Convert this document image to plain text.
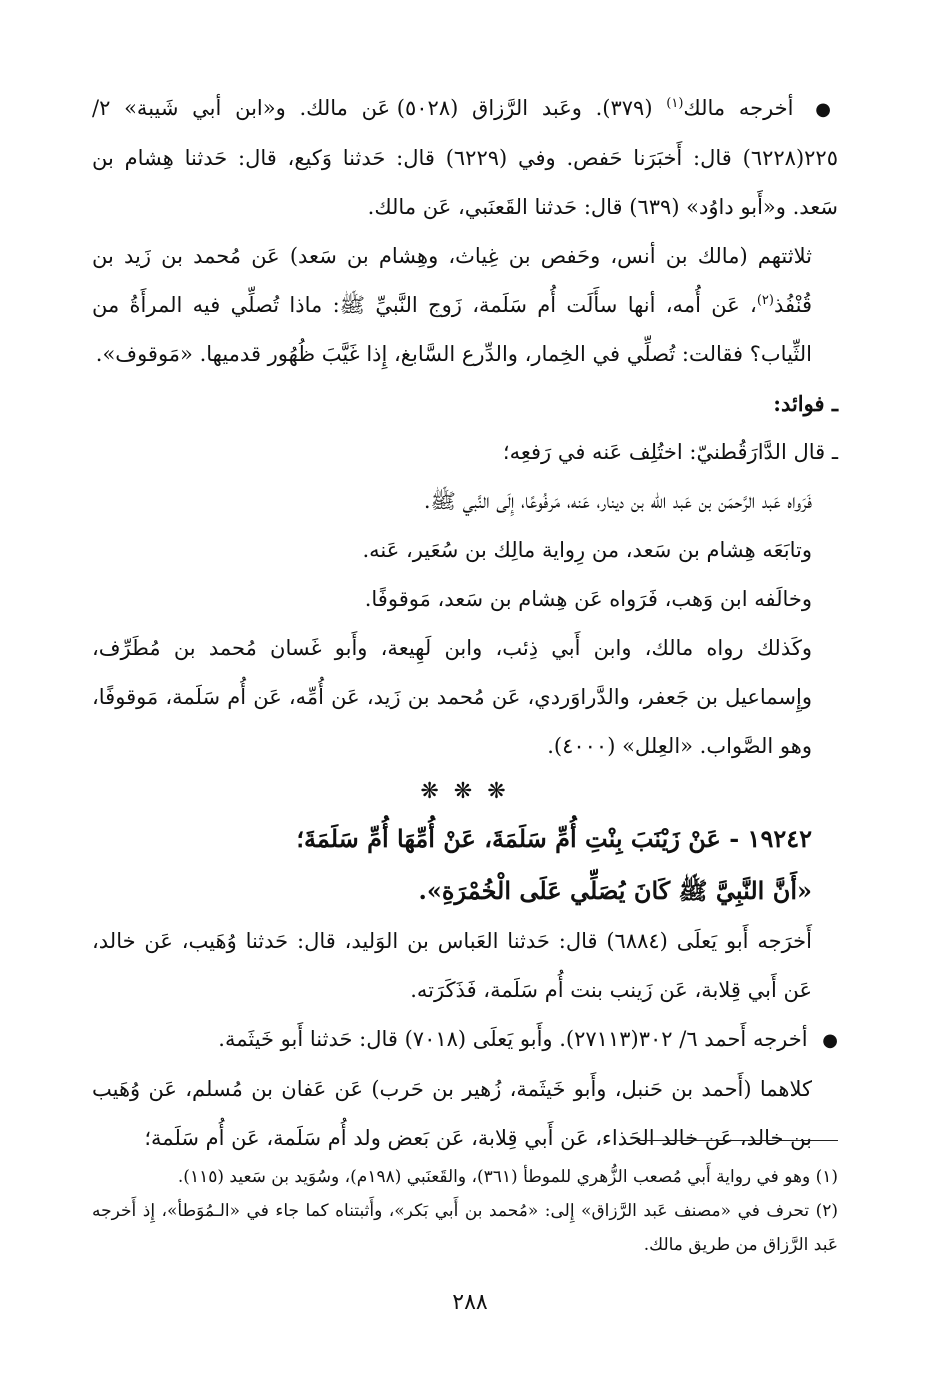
● أخرجه مالك$^{(١)}$ (٣٧٩). وعَبد الرَّزاق (٥٠٢٨) عَن مالك. و«ابن أبي شَيبة» ٢/ ٢٢٥(٦٢٢٨) قال: أَخبَرَنا حَفص. وفي (٦٢٢٩) قال: حَدثنا وَكيع، قال: حَدثنا هِشام بن سَعد. و«أَبو داوُد» (٦٣٩) قال: حَدثنا القَعنَبي، عَن مالك.

ثلاثتهم (مالك بن أنس، وحَفص بن غِياث، وهِشام بن سَعد) عَن مُحمد بن زَيد بن قُنْفُذ$^{(٢)}$، عَن أُمه، أنها سأَلَت أُم سَلَمة، زَوج النَّبيِّ ﷺ: ماذا تُصلِّي فيه المرأَةُ من الثِّياب؟ فقالت: تُصلِّي في الخِمار، والدِّرع السَّابغ، إِذا غَيَّبَ ظُهُور قدميها. «مَوقوف».

ـ فوائد:

ـ قال الدَّارَقُطنيّ: اختُلِف عَنه في رَفعِه؛

فَرَواه عَبد الرَّحمَن بن عَبد الله بن دينار، عَنه، مَرفُوعًا، إِلَى النَّبي ﷺ.

وتابَعَه هِشام بن سَعد، من رِواية مالِك بن سُعَير، عَنه.

وخالَفه ابن وَهب، فَرَواه عَن هِشام بن سَعد، مَوقوفًا.

وكَذلك رواه مالك، وابن أَبي ذِئب، وابن لَهِيعة، وأَبو غَسان مُحمد بن مُطَرِّف، وإِسماعيل بن جَعفر، والدَّراوَردي، عَن مُحمد بن زَيد، عَن أُمِّه، عَن أُم سَلَمة، مَوقوفًا، وهو الصَّواب. «العِلل» (٤٠٠٠).

❋ ❋ ❋

١٩٢٤٢ - عَنْ زَيْنَبَ بِنْتِ أُمِّ سَلَمَةَ، عَنْ أُمِّهَا أُمِّ سَلَمَةَ؛

«أَنَّ النَّبِيَّ ﷺ كَانَ يُصَلِّي عَلَى الْخُمْرَةِ».

أَخرَجه أَبو يَعلَى (٦٨٨٤) قال: حَدثنا العَباس بن الوَليد، قال: حَدثنا وُهَيب، عَن خالد، عَن أَبي قِلابة، عَن زَينب بنت أُم سَلَمة، فَذَكَرَته.

● أخرجه أَحمد ٦/ ٣٠٢(٢٧١١٣). وأَبو يَعلَى (٧٠١٨) قال: حَدثنا أَبو خَيثَمة.

كلاهما (أَحمد بن حَنبل، وأَبو خَيثَمة، زُهير بن حَرب) عَن عَفان بن مُسلم، عَن وُهَيب بن خالد، عَن خالد الحَذاء، عَن أَبي قِلابة، عَن بَعض ولد أُم سَلَمة، عَن أُم سَلَمة؛

(١) وهو في رواية أَبي مُصعب الزُّهري للموطأ (٣٦١)، والقَعنَبي (١٩٨م)، وسُوَيد بن سَعيد (١١٥).

(٢) تحرف في «مصنف عَبد الرَّزاق» إِلى: «مُحمد بن أَبي بَكر»، وأَثبتناه كما جاء في «الـمُوَطأ»، إِذ أَخرجه عَبد الرَّزاق من طريق مالك.

٢٨٨
